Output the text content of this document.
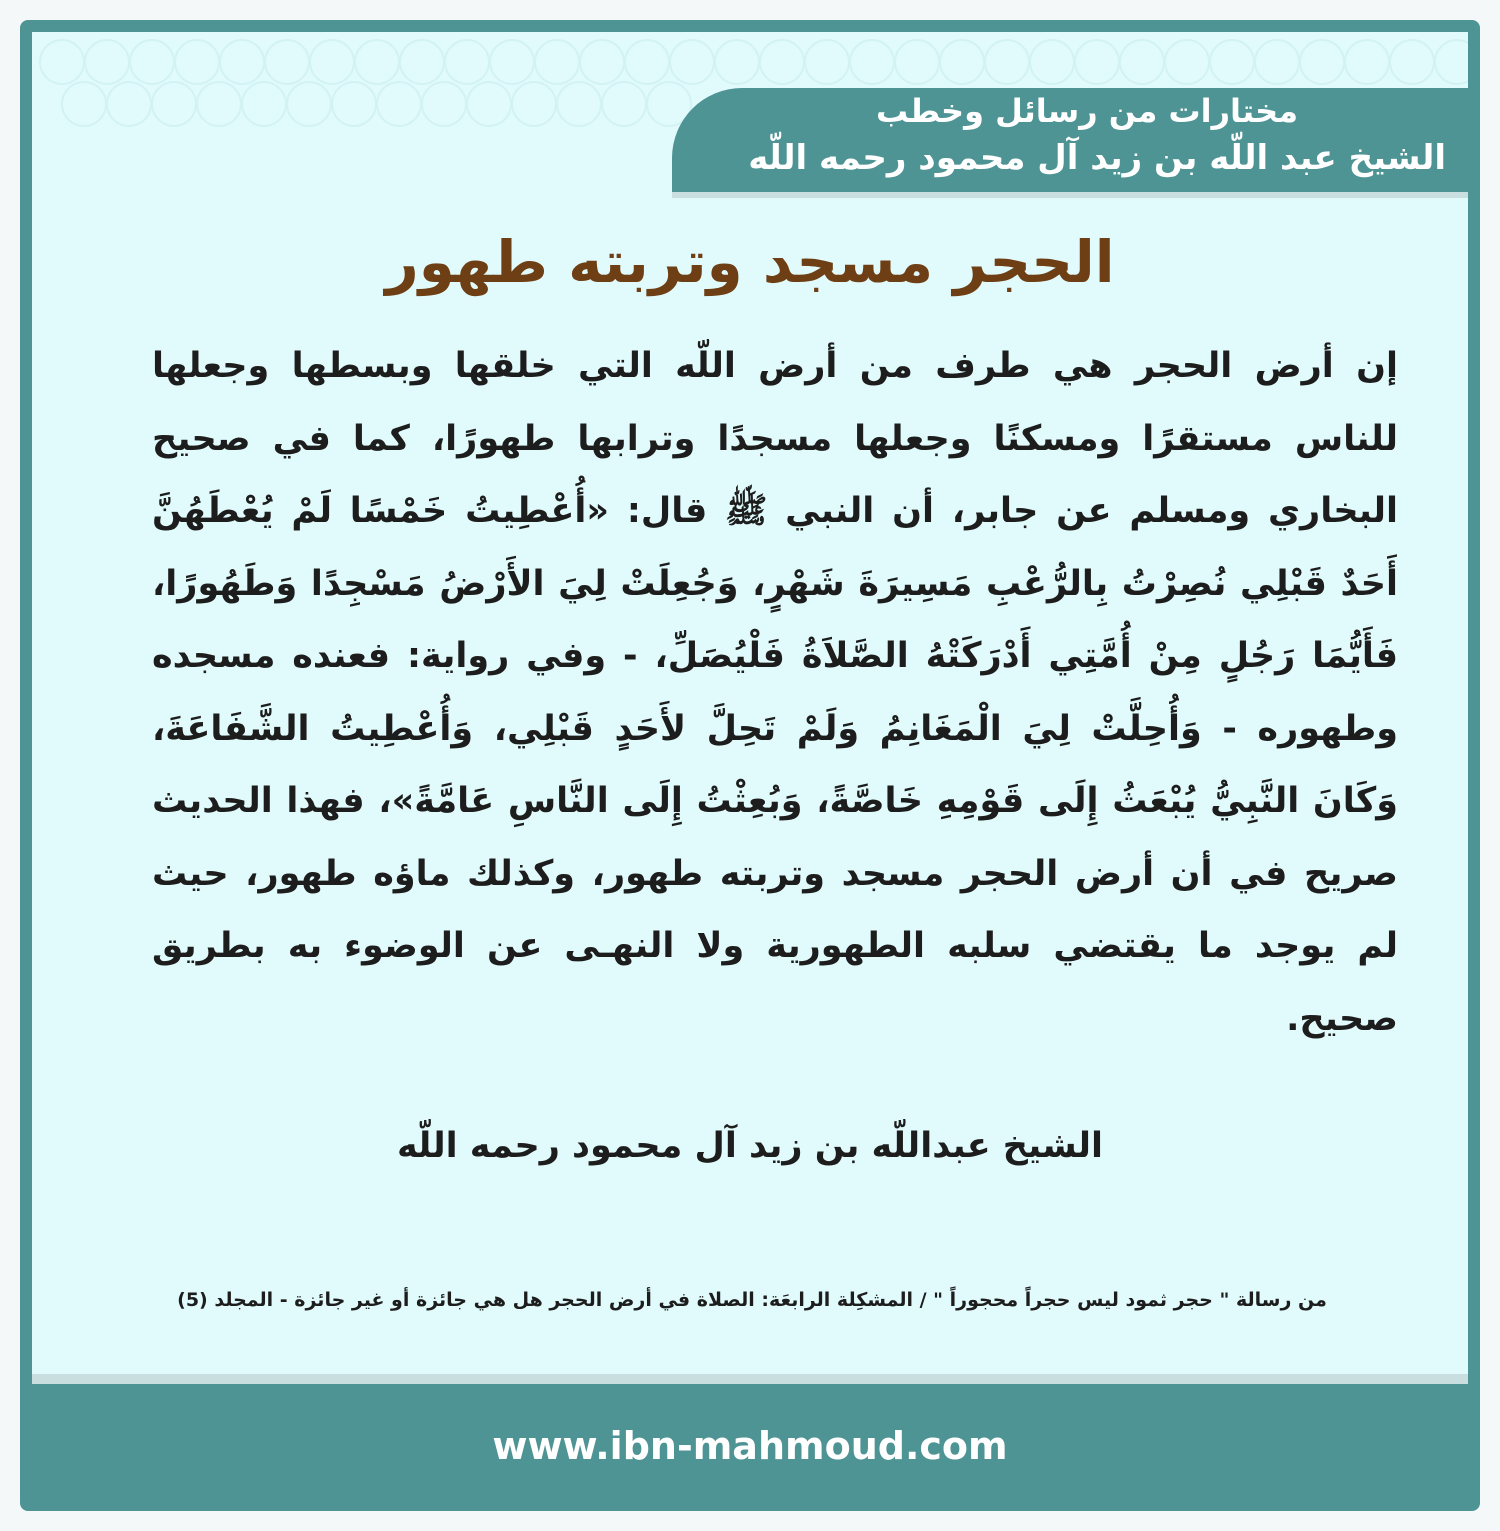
مختارات من رسائل وخطب
الشيخ عبد اللّه بن زيد آل محمود رحمه اللّه
الحجر مسجد وتربته طهور
إن أرض الحجر هي طرف من أرض اللّه التي خلقها وبسطها وجعلها للناس مستقرًا ومسكنًا وجعلها مسجدًا وترابها طهورًا، كما في صحيح البخاري ومسلم عن جابر، أن النبي ﷺ قال: «أُعْطِيتُ خَمْسًا لَمْ يُعْطَهُنَّ أَحَدٌ قَبْلِي نُصِرْتُ بِالرُّعْبِ مَسِيرَةَ شَهْرٍ، وَجُعِلَتْ لِيَ الأَرْضُ مَسْجِدًا وَطَهُورًا، فَأَيُّمَا رَجُلٍ مِنْ أُمَّتِي أَدْرَكَتْهُ الصَّلاَةُ فَلْيُصَلِّ، - وفي رواية: فعنده مسجده وطهوره - وَأُحِلَّتْ لِيَ الْمَغَانِمُ وَلَمْ تَحِلَّ لأَحَدٍ قَبْلِي، وَأُعْطِيتُ الشَّفَاعَةَ، وَكَانَ النَّبِيُّ يُبْعَثُ إِلَى قَوْمِهِ خَاصَّةً، وَبُعِثْتُ إِلَى النَّاسِ عَامَّةً»، فهذا الحديث صريح في أن أرض الحجر مسجد وتربته طهور، وكذلك ماؤه طهور، حيث لم يوجد ما يقتضي سلبه الطهورية ولا النهـى عن الوضوء به بطريق صحيح.
الشيخ عبداللّه بن زيد آل محمود رحمه اللّه
من رسالة " حجر ثمود ليس حجراً محجوراً " / المشكِلة الرابعَة: الصلاة في أرض الحجر هل هي جائزة أو غير جائزة - المجلد (5)
www.ibn-mahmoud.com
